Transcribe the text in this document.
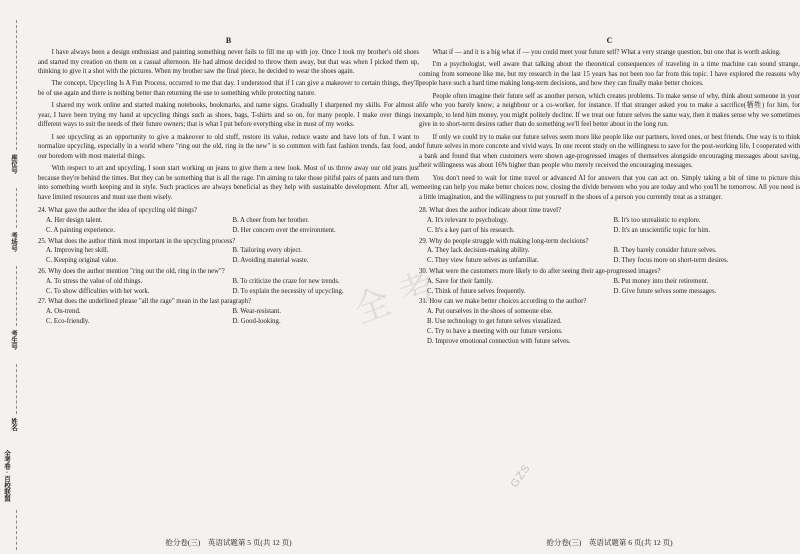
座位号
考场号
考生号
姓名
全考卷 · 百校联盟
B

I have always been a design enthusiast and painting something never fails to fill me up with joy. Once I took my brother's old shoes and started my creation on them on a casual afternoon. He had almost decided to throw them away, but that was when I picked them up, thinking to give it a shot with the pictures. When my brother saw the final piece, he decided to wear the shoes again.

The concept, Upcycling Is A Fun Process, occurred to me that day. I understood that if I can give a makeover to certain things, they'll be of use again and there is nothing better than returning the use to something while protecting nature.

I shared my work online and started making notebooks, bookmarks, and name signs. Gradually I sharpened my skills. For almost a year, I have been trying my hand at upcycling things such as shoes, bags, T-shirts and so on, for many people. I make over things in different ways to suit the needs of their future owners; that is what I put before everything else in most of my works.

I see upcycling as an opportunity to give a makeover to old stuff, restore its value, reduce waste and have lots of fun. I want to normalize upcycling, especially in a world where "ring out the old, ring in the new" is so common with fast fashion trends, fast food, and our boredom with most material things.

With respect to art and upcycling, I soon start working on jeans to give them a new look. Most of us throw away our old jeans just because they're behind the times. But they can be something that is all the rage. I'm aiming to take those pitiful pairs of pants and turn them into something worth keeping and in style. Such practices are always beneficial as they help with sustainable development. After all, we have limited resources and must use them wisely.

24. What gave the author the idea of upcycling old things?

A. Her design talent.	B. A cheer from her brother.
C. A painting experience.	D. Her concern over the environment.

25. What does the author think most important in the upcycling process?

A. Improving her skill.	B. Tailoring every object.
C. Keeping original value.	D. Avoiding material waste.

26. Why does the author mention "ring out the old, ring in the new"?

A. To stress the value of old things.	B. To criticize the craze for new trends.
C. To show difficulties with her work.	D. To explain the necessity of upcycling.

27. What does the underlined phrase "all the rage" mean in the last paragraph?

A. On-trend.	B. Wear-resistant.
C. Eco-friendly.	D. Good-looking.
抢分卷(三)　英语试题第 5 页(共 12 页)
C

What if — and it is a big what if — you could meet your future self? What a very strange question, but one that is worth asking.

I'm a psychologist, well aware that talking about the theoretical consequences of traveling in a time machine can sound strange, coming from someone like me, but my research in the last 15 years has not been too far from this topic. I have explored the reasons why people have such a hard time making long-term decisions, and how they can finally make better choices.

People often imagine their future self as another person, which creates problems. To make sense of why, think about someone in your life who you barely know; a neighbour or a co-worker, for instance. If that stranger asked you to make a sacrifice(牺牲) for him, for example, to lend him money, you might politely decline. If we treat our future selves the same way, then it makes sense why we sometimes give in to short-term desires rather than do something we'll feel better about in the long run.

If only we could try to make our future selves seem more like people like our partners, loved ones, or best friends. One way is to think of future selves in more concrete and vivid ways. In one recent study on the willingness to save for the post-working life, I cooperated with a bank and found that when customers were shown age-progressed images of themselves alongside encouraging messages about saving, their willingness was about 16% higher than people who merely received the encouraging messages.

You don't need to wait for time travel or advanced AI for answers that you can act on. Simply taking a bit of time to picture this meeting can help you make better choices now, closing the divide between who you are today and who you'll be tomorrow. All you need is a little imagination, and the willingness to put yourself in the shoes of a person you currently treat as a stranger.

28. What does the author indicate about time travel?

A. It's relevant to psychology.	B. It's too unrealistic to explore.
C. It's a key part of his research.	D. It's an unscientific topic for him.

29. Why do people struggle with making long-term decisions?

A. They lack decision-making ability.	B. They barely consider future selves.
C. They view future selves as unfamiliar.	D. They focus more on short-term desires.

30. What were the customers more likely to do after seeing their age-progressed images?

A. Save for their family.	B. Put money into their retirement.
C. Think of future selves frequently.	D. Give future selves some messages.

31. How can we make better choices according to the author?

A. Put ourselves in the shoes of someone else.
B. Use technology to get future selves visualized.
C. Try to have a meeting with our future versions.
D. Improve emotional connection with future selves.
抢分卷(三)　英语试题第 6 页(共 12 页)
全 考
GZS
